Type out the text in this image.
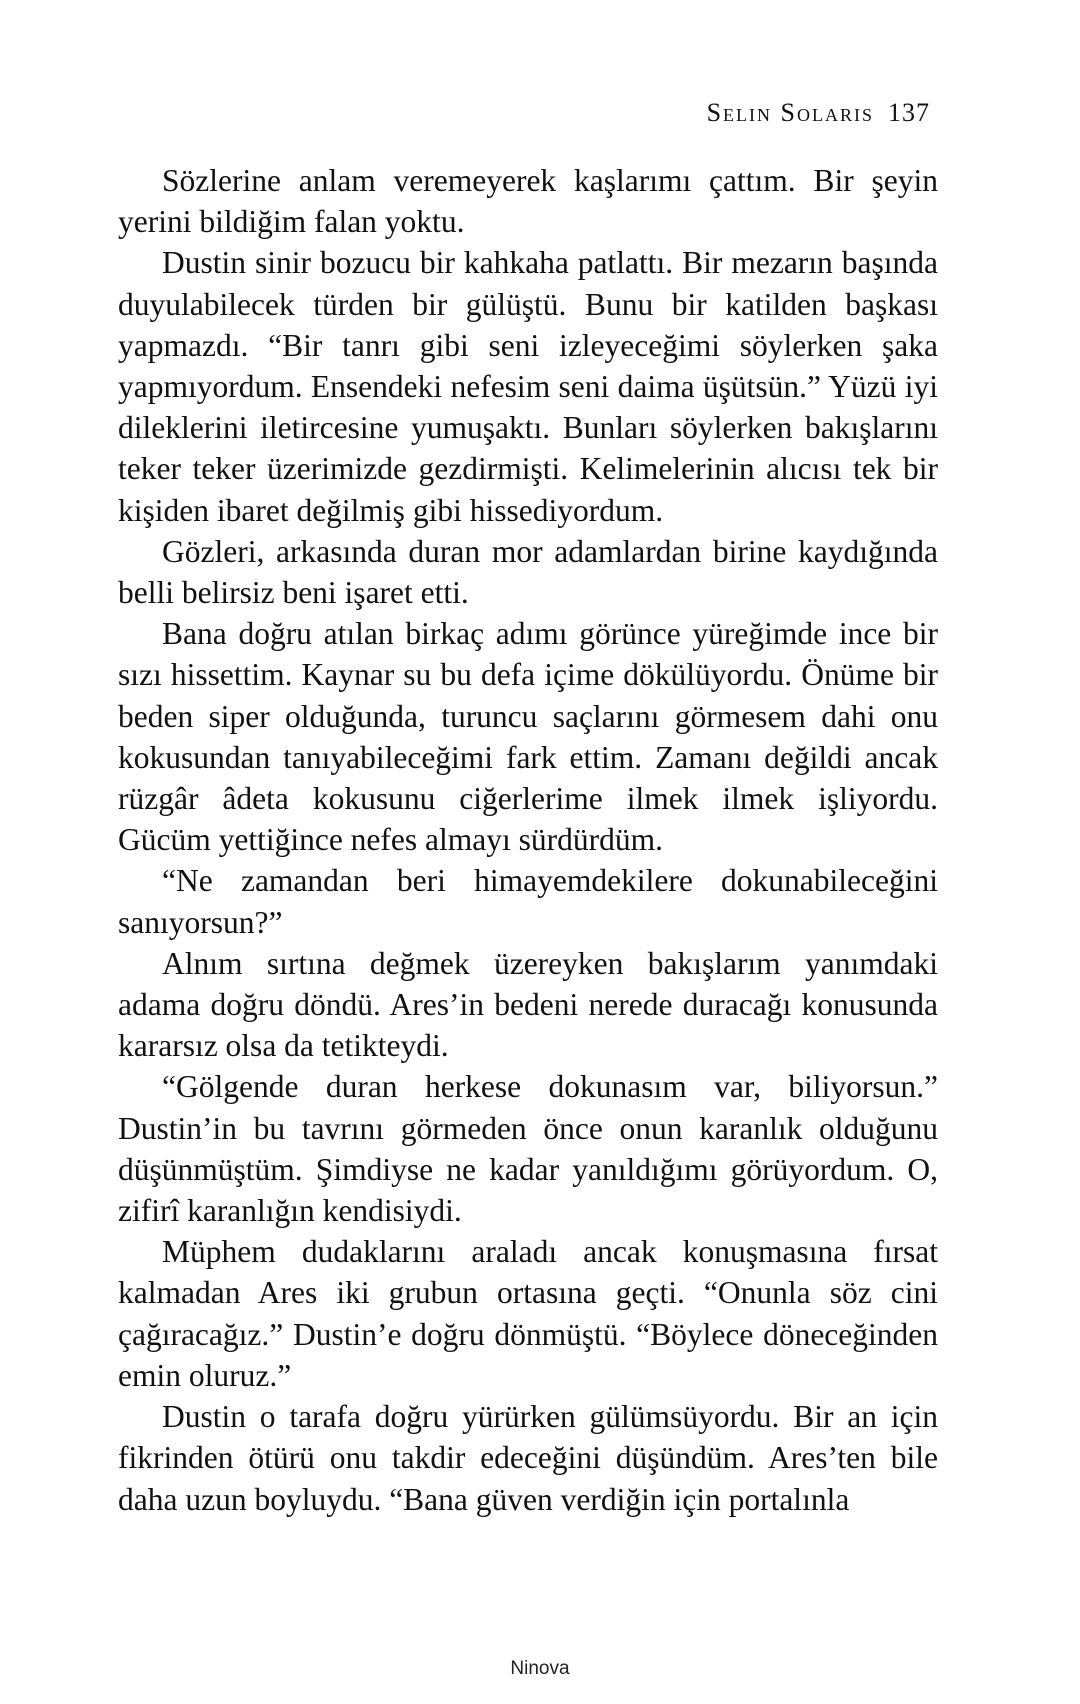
Selin Solaris 137

Sözlerine anlam veremeyerek kaşlarımı çattım. Bir şeyin yerini bildiğim falan yoktu.

Dustin sinir bozucu bir kahkaha patlattı. Bir mezarın başında duyulabilecek türden bir gülüştü. Bunu bir katilden başkası yapmazdı. “Bir tanrı gibi seni izleyeceğimi söylerken şaka yapmıyordum. Ensendeki nefesim seni daima üşütsün.” Yüzü iyi dileklerini iletircesine yumuşaktı. Bunları söylerken bakışlarını teker teker üzerimizde gezdirmişti. Kelimelerinin alıcısı tek bir kişiden ibaret değilmiş gibi hissediyordum.

Gözleri, arkasında duran mor adamlardan birine kaydığında belli belirsiz beni işaret etti.

Bana doğru atılan birkaç adımı görünce yüreğimde ince bir sızı hissettim. Kaynar su bu defa içime dökülüyordu. Önüme bir beden siper olduğunda, turuncu saçlarını görmesem dahi onu kokusundan tanıyabileceğimi fark ettim. Zamanı değildi ancak rüzgâr âdeta kokusunu ciğerlerime ilmek ilmek işliyordu. Gücüm yettiğince nefes almayı sürdürdüm.

“Ne zamandan beri himayemdekilere dokunabileceğini sanıyorsun?”

Alnım sırtına değmek üzereyken bakışlarım yanımdaki adama doğru döndü. Ares’in bedeni nerede duracağı konusunda kararsız olsa da tetikteydi.

“Gölgende duran herkese dokunasım var, biliyorsun.” Dustin’in bu tavrını görmeden önce onun karanlık olduğunu düşünmüştüm. Şimdiyse ne kadar yanıldığımı görüyordum. O, zifirî karanlığın kendisiydi.

Müphem dudaklarını araladı ancak konuşmasına fırsat kalmadan Ares iki grubun ortasına geçti. “Onunla söz cini çağıracağız.” Dustin’e doğru dönmüştü. “Böylece döneceğinden emin oluruz.”

Dustin o tarafa doğru yürürken gülümsüyordu. Bir an için fikrinden ötürü onu takdir edeceğini düşündüm. Ares’ten bile daha uzun boyluydu. “Bana güven verdiğin için portalınla

Ninova
